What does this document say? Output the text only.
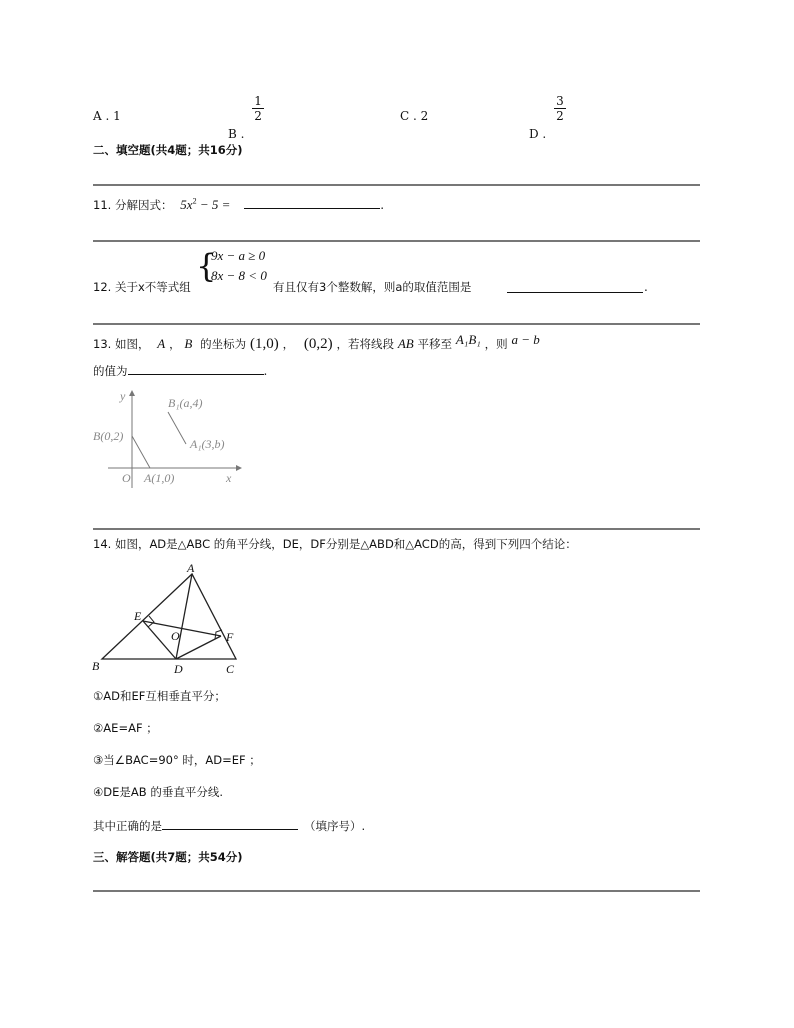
A . 1
B .
$\frac{1}{2}$	C . 2
D .
$\frac{3}{2}$
二、填空题(共4题；共16分)
11. 分解因式： $5x^2 - 5$ =	.
12. 关于x不等式组
{
9x − a ≥ 0
8x − 8 < 0
有且仅有3个整数解，则a的取值范围是	.
13. 如图， A ， B 的坐标为 (1,0) ， (0,2) ，若将线段 AB 平移至 A₁B₁ ，则 a − b
的值为	.
y
x
O
B(0,2)
A(1,0)
B₁(a,4)
A₁(3,b)
14. 如图，AD是△ABC 的角平分线，DE，DF分别是△ABD和△ACD的高，得到下列四个结论：
A
B	C
D
E
F
O
①AD和EF互相垂直平分；
②AE=AF ；
③当∠BAC=90° 时，AD=EF ；
④DE是AB 的垂直平分线.
其中正确的是	（填序号）.
三、解答题(共7题；共54分)
